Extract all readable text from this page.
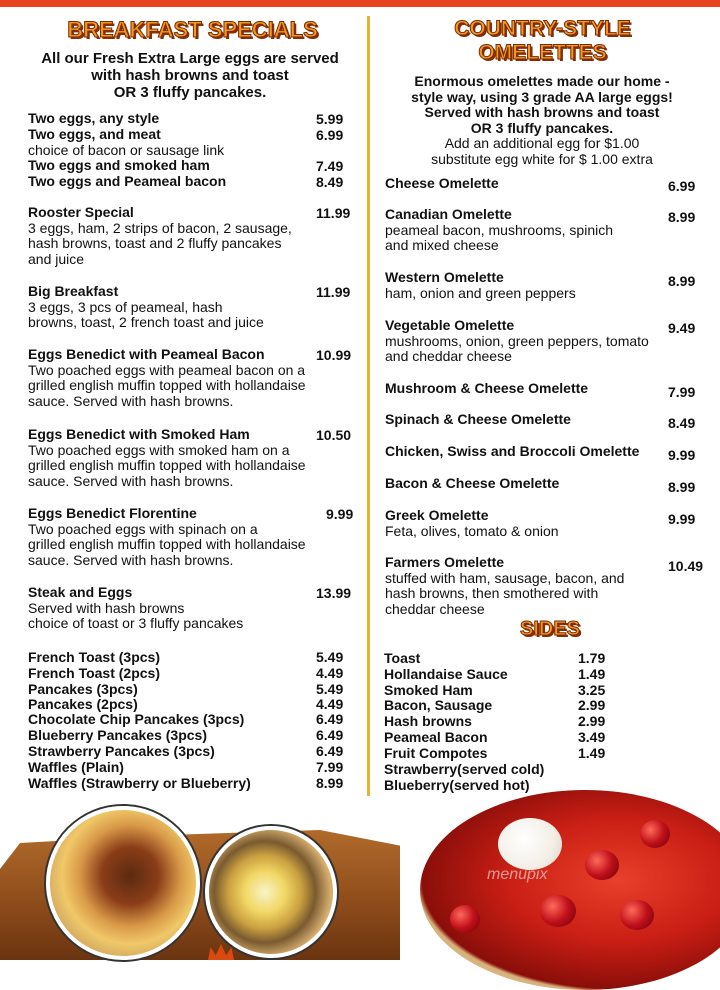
BREAKFAST SPECIALS
All our Fresh Extra Large eggs are served
with hash browns and toast
OR 3 fluffy pancakes.
Two eggs, any style	5.99
Two eggs, and meat
choice of bacon or sausage link
6.99
Two eggs and smoked ham	7.49
Two eggs and Peameal bacon	8.49
Rooster Special
3 eggs, ham, 2 strips of bacon, 2 sausage,
hash browns, toast and 2 fluffy pancakes
and juice
11.99
Big Breakfast
3 eggs, 3 pcs of peameal, hash
browns, toast, 2 french toast and juice
11.99
Eggs Benedict with Peameal Bacon
Two poached eggs with peameal bacon on a
grilled english muffin topped with hollandaise
sauce. Served with hash browns.
10.99
Eggs Benedict with Smoked Ham
Two poached eggs with smoked ham on a
grilled english muffin topped with hollandaise
sauce. Served with hash browns.
10.50
Eggs Benedict Florentine
Two poached eggs with spinach on a
grilled english muffin topped with hollandaise
sauce. Served with hash browns.
9.99
Steak and Eggs
Served with hash browns
choice of toast or 3 fluffy pancakes
13.99
French Toast (3pcs)	5.49
French Toast (2pcs)	4.49
Pancakes (3pcs)	5.49
Pancakes (2pcs)	4.49
Chocolate Chip Pancakes (3pcs)	6.49
Blueberry Pancakes (3pcs)	6.49
Strawberry Pancakes (3pcs)	6.49
Waffles (Plain)	7.99
Waffles (Strawberry or Blueberry)	8.99
COUNTRY-STYLE
OMELETTES
Enormous omelettes made our home -
style way, using 3 grade AA large eggs!
Served with hash browns and toast
OR 3 fluffy pancakes.
Add an additional egg for $1.00
substitute egg white for $ 1.00 extra
Cheese Omelette	6.99
Canadian Omelette
peameal bacon, mushrooms, spinich
and mixed cheese
8.99
Western Omelette
ham, onion and green peppers
8.99
Vegetable Omelette
mushrooms, onion, green peppers, tomato
and cheddar cheese
9.49
Mushroom & Cheese Omelette	7.99
Spinach & Cheese Omelette	8.49
Chicken, Swiss and Broccoli Omelette 9.99
Bacon & Cheese Omelette	8.99
Greek Omelette
Feta, olives, tomato & onion
9.99
Farmers Omelette
stuffed with ham, sausage, bacon, and
hash browns, then smothered with
cheddar cheese
10.49
SIDES
Toast	1.79
Hollandaise Sauce	1.49
Smoked Ham	3.25
Bacon, Sausage	2.99
Hash browns	2.99
Peameal Bacon	3.49
Fruit Compotes	1.49
Strawberry(served cold)
Blueberry(served hot)
menupix
